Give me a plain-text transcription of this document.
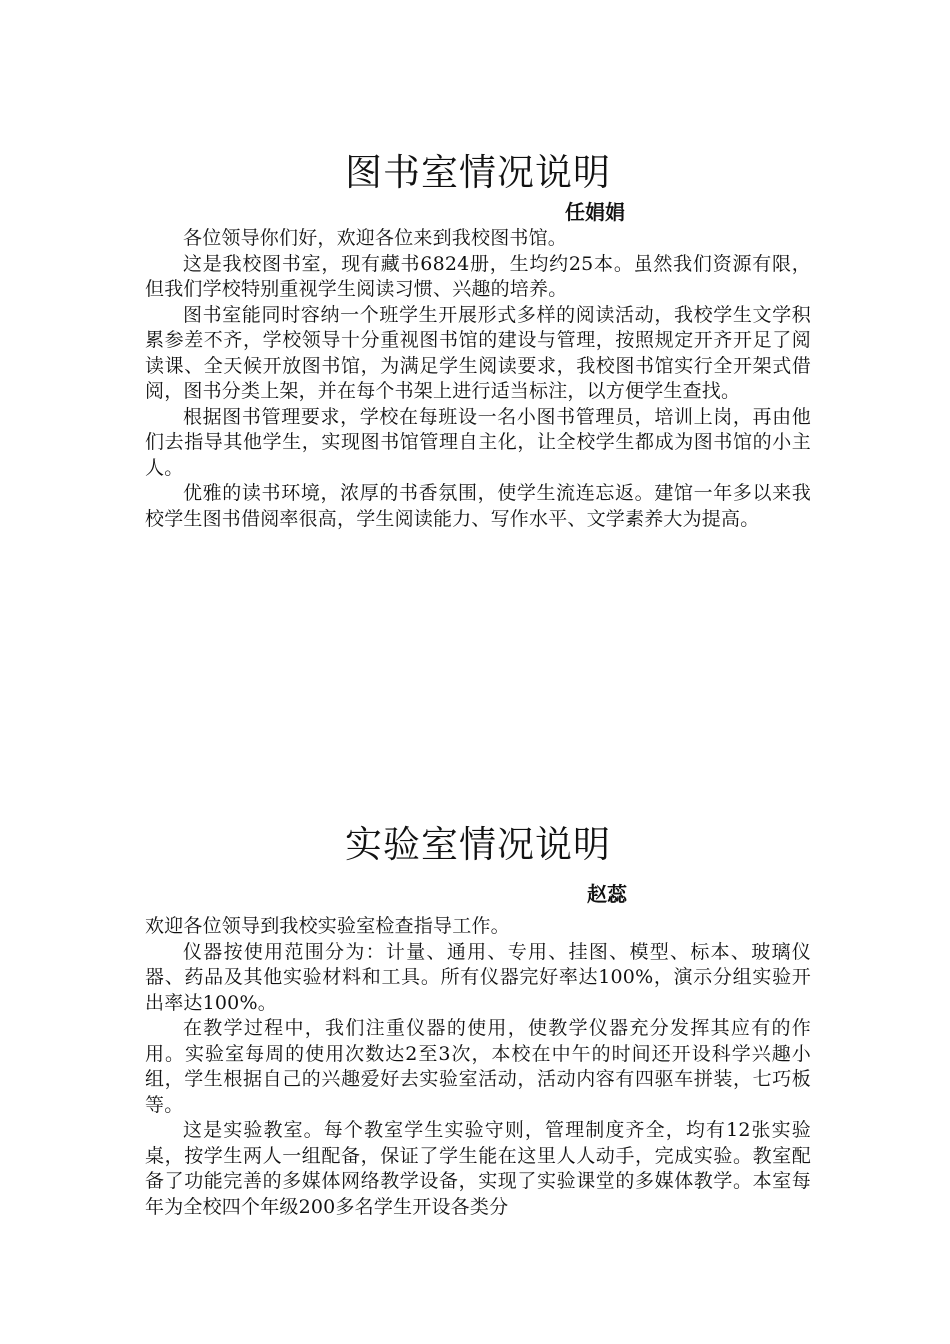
图书室情况说明

任娟娟

各位领导你们好，欢迎各位来到我校图书馆。

这是我校图书室，现有藏书6824册，生均约25本。虽然我们资源有限，但我们学校特别重视学生阅读习惯、兴趣的培养。

图书室能同时容纳一个班学生开展形式多样的阅读活动，我校学生文学积累参差不齐，学校领导十分重视图书馆的建设与管理，按照规定开齐开足了阅读课、全天候开放图书馆，为满足学生阅读要求，我校图书馆实行全开架式借阅，图书分类上架，并在每个书架上进行适当标注，以方便学生查找。

根据图书管理要求，学校在每班设一名小图书管理员，培训上岗，再由他们去指导其他学生，实现图书馆管理自主化，让全校学生都成为图书馆的小主人。

优雅的读书环境，浓厚的书香氛围，使学生流连忘返。建馆一年多以来我校学生图书借阅率很高，学生阅读能力、写作水平、文学素养大为提高。

实验室情况说明

赵蕊

欢迎各位领导到我校实验室检查指导工作。

仪器按使用范围分为：计量、通用、专用、挂图、模型、标本、玻璃仪器、药品及其他实验材料和工具。所有仪器完好率达100%，演示分组实验开出率达100%。

在教学过程中，我们注重仪器的使用，使教学仪器充分发挥其应有的作用。实验室每周的使用次数达2至3次，本校在中午的时间还开设科学兴趣小组，学生根据自己的兴趣爱好去实验室活动，活动内容有四驱车拼装，七巧板等。

这是实验教室。每个教室学生实验守则，管理制度齐全，均有12张实验桌，按学生两人一组配备，保证了学生能在这里人人动手，完成实验。教室配备了功能完善的多媒体网络教学设备，实现了实验课堂的多媒体教学。本室每年为全校四个年级200多名学生开设各类分
